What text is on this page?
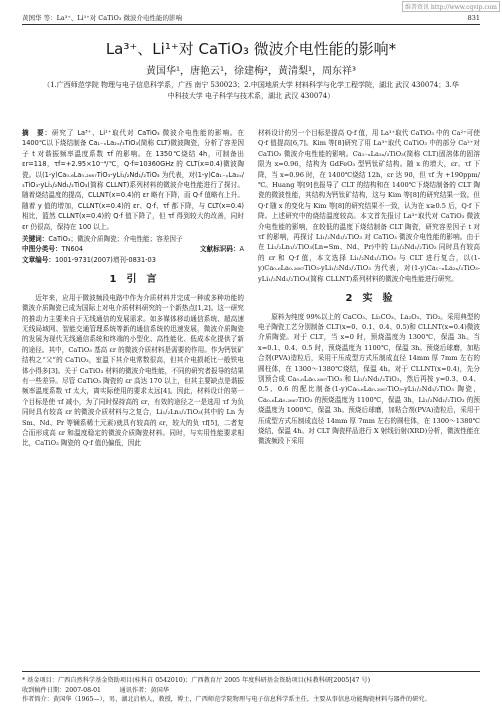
维普资讯 http://www.cqvip.com
黄国华 等：La³⁺、Li¹⁺对 CaTiO₃ 微波介电性能的影响	831
La³⁺、Li¹⁺对 CaTiO₃ 微波介电性能的影响*
黄国华¹，唐艳云¹，徐建梅²，黄清梨¹，周东祥³
（1.广西师范学院 物理与电子信息科学系，广西 南宁 530023；2.中国地质大学 材料科学与化学工程学院，湖北 武汉 430074；3.华中科技大学 电子科学与技术系，湖北 武汉 430074）
摘　要：研究了 La³⁺、Li¹⁺取代对 CaTiO₃ 微波介电性能的影响。在 1400℃以下烧结制备 Ca₁₋ₓLa₂ₓ/₃TiO₃(简称 CLT)微波陶瓷，分析了容差因子 t 对谐振频率温度系数 τf 的影响。在 1350℃烧结 4h，可制备出 εr=118，τf=+2.95×10⁻⁴/℃，Q·f=10360GHz 的 CLT(x=0.4)微波陶瓷。以(1-y)Ca₀.₆La₀.₂₆₆₇TiO₃-yLi₁/₂Nd₁/₂TiO₃ 为代表，对(1-y)Ca₁₋ₓLa₂ₓ/₃TiO₃-yLi₁/₂Nd₁/₂TiO₃(简称 CLLNT)系列材料的微波介电性能进行了探讨。随着烧结温度的提高，CLLNT(x=0.4)的 εr 略有下降，而 Q·f 值略有上升。随着 y 值的增加，CLLNT(x=0.4)的 εr、Q·f、τf 都下降，与 CLT(x=0.4)相比，篮然 CLLNT(x=0.4)的 Q·f 值下降了，但 τf 得到较大的改善，同时 εr 仍很高，保持在 100 以上。
关键词：CaTiO₃；微波介质陶瓷；介电性能；容差因子
中图分类号：TN604	文献标识码：A
文章编号：1001-9731(2007)增刊-0831-03
1　引　言

近年来，应用于微波频段电路中作为介质材料并完成一种或多种功能的微波介质陶瓷已成为国际上对电介质材料研究的一个新热点[1,2]。这一研究的推动力主要来自于无线通信的发展需求。如多媒体移动通信系统、超高速无线局域网、智能交通管理系统等新的通信系统的迅速发展，微波介质陶瓷的发展为现代无线通信系统和终端的小型化、高性能化、低成本化提供了新的途径。其中，CaTiO₃ 基高 εr 的微波介质材料是需要的作用。作为钙钛矿结构之“父”的 CaTiO₃，室温下其介电常数很高，但其介电损耗比一般铁电体小得多[3]。关于 CaTiO₃ 材料的微波介电性能，不同的研究者报导的结果有一些差异。尽管 CaTiO₃ 陶瓷的 εr 高达 170 以上，但其主要缺点是谐振频率温度系数 τf 太大，离实际使用的要求太远[4]。因此，材料设计的第一个目标是使 τf 减小，为了同时保持高的 εr，有效的途径之一是选用 τf 为负同时具有较高 εr 的微波介质材料与之复合，Li₁/₂Ln₁/₂TiO₃(其中的 Ln 为 Sm、Nd、Pr 等镧系稀土元素)就具有较高的 εr，较大的负 τf[5]，二者复合而形成高 εr 和温度稳定的微波介质陶瓷材料。同时，与实用性能要求相比，CaTiO₃ 陶瓷的 Q·f 值仍偏低，因此

材料设计的另一个目标是提高 Q·f 值，用 La³⁺取代 CaTiO₃ 中的 Ca²⁺可使 Q·f 值提高[6,7]。Kim 等[8]研究了用 La³⁺取代 CaTiO₃ 中的部分 Ca²⁺对 CaTiO₃ 微波介电性能的影响。Ca₁₋ₓLa₂ₓ/₃TiO₃(简称 CLT)固溶体的固溶限为 x=0.96，结构为 GdFeO₃ 型钙钛矿结构。随 x 的增大，εr、τf 下降，当 x=0.96 时，在 1400℃烧结 12h，εr 达 90，但 τf 为 +190ppm/℃。Huang 等[9]也报导了 CLT 的结构和在 1400℃下烧结制备的 CLT 陶瓷的微波性能，其结构为钙钛矿结构，这与 Kim 等[8]的研究结果一致。但 Q·f 随 x 的变化与 Kim 等[8]的研究结果不一致，认为在 x≥0.5 后，Q·f 下降。上述研究中的烧结温度较高。本文首先报讨 La³⁺取代对 CaTiO₃ 微波介电性能的影响，在较低的温度下烧结制备 CLT 陶瓷，研究容差因子 t 对 τf 的影响，再探讨 Li₁/₂Nd₁/₂TiO₃ 对 CaTiO₃ 微波介电性能的影响。由于在 Li₁/₂Ln₁/₂TiO₃(Ln=Sm、Nd、Pr)中的 Li₁/₂Nd₁/₂TiO₃ 同时具有较高的 εr 和 Q·f 值，本文选择 Li₁/₂Nd₁/₂TiO₃ 与 CLT 进行复合，以(1-y)Ca₀.₆La₀.₂₆₆₇TiO₃-yLi₁/₂Nd₁/₂TiO₃ 为代表，对(1-y)Ca₁₋ₓLa₂ₓ/₃TiO₃-yLi₁/₂Nd₁/₂TiO₃(简称 CLLNT)系列材料的微波介电性能进行研究。

2　实　验

原料为纯度 99%以上的 CaCO₃、Li₂CO₃、La₂O₃、TiO₂。采用典型的电子陶瓷工艺分别制备 CLT(x=0、0.1、0.4、0.5)和 CLLNT(x=0.4)微波介质陶瓷。对于 CLT，当 x=0 时，预烧温度为 1300℃，保温 3h。当 x=0.1、0.4、0.5 时，预烧温度为 1100℃，保温 3h。预烧后球磨，加粘合剂(PVA)造粒后，采用干压成型方式压制成直径 14mm 厚 7mm 左右的圆柱体，在 1300～1380℃烧结，保温 4h。对于 CLLNT(x=0.4)，先分别预合成 Ca₀.₆La₀.₂₆₆₇TiO₃ 和 Li₁/₂Nd₁/₂TiO₃，然后再按 y=0.3、0.4、0.5、0.6 的配比制备(1-y)Ca₀.₆La₀.₂₆₆₇TiO₃-yLi₁/₂Nd₁/₂TiO₃ 陶瓷，Ca₀.₆La₀.₂₆₆₇TiO₃ 的预烧温度为 1100℃，保温 3h，Li₁/₂Nd₁/₂TiO₃ 的预烧温度为 1000℃，保温 3h。预烧后球磨，加粘合剂(PVA)造粒后，采用干压成型方式压制成直径 14mm 厚 7mm 左右的圆柱体，在 1300～1380℃烧结，保温 4h。对 CLT 陶瓷样品进行 X 射线衍射(XRD)分析，微波性能在微波频段下采用

* 基金项目：广西自然科学基金资助项目(桂科自 0542010)；广西教育厅 2005 年度科研基金资助项目(桂教科研[2005]47 号)
收到稿件日期：2007-08-01　　　通讯作者：黄国华
作者简介：黄国华（1965—），男，湖北启梧人，教授，博士，广西师范学院物理与电子信息科学系主任，主要从事信息功能陶瓷材料与器件的研究。
